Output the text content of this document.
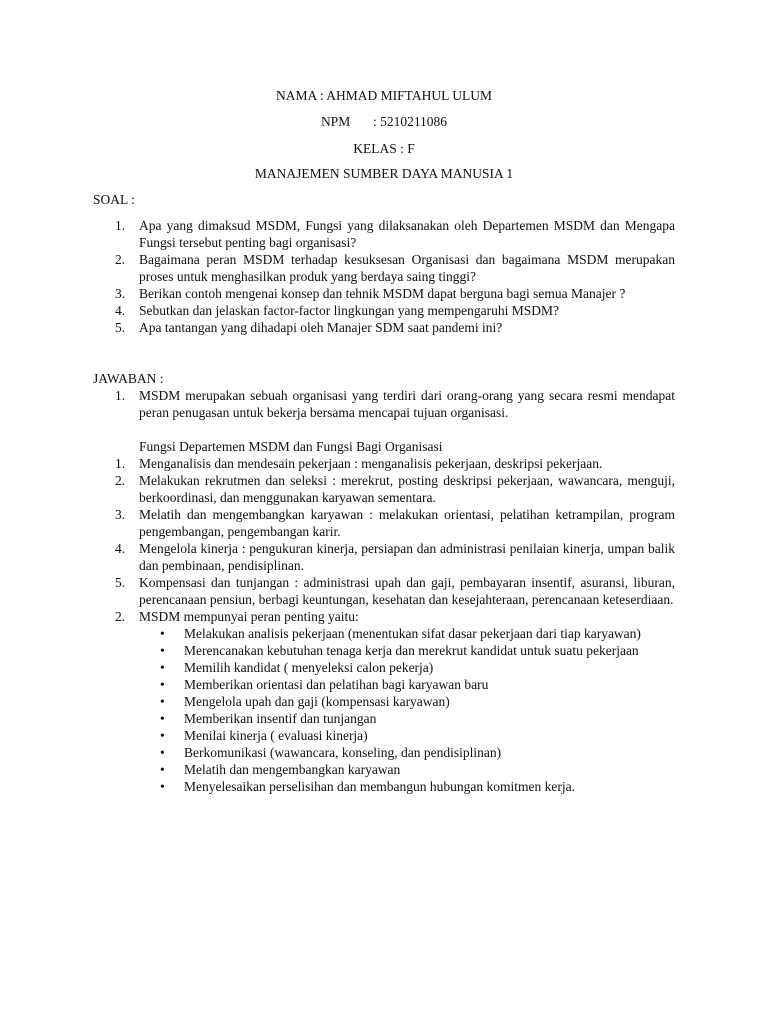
NAMA : AHMAD MIFTAHUL ULUM
NPM : 5210211086
KELAS : F
MANAJEMEN SUMBER DAYA MANUSIA 1
SOAL :
1. Apa yang dimaksud MSDM, Fungsi yang dilaksanakan oleh Departemen MSDM dan Mengapa Fungsi tersebut penting bagi organisasi?
2. Bagaimana peran MSDM terhadap kesuksesan Organisasi dan bagaimana MSDM merupakan proses untuk menghasilkan produk yang berdaya saing tinggi?
3. Berikan contoh mengenai konsep dan tehnik MSDM dapat berguna bagi semua Manajer ?
4. Sebutkan dan jelaskan factor-factor lingkungan yang mempengaruhi MSDM?
5. Apa tantangan yang dihadapi oleh Manajer SDM saat pandemi ini?
JAWABAN :
1. MSDM merupakan sebuah organisasi yang terdiri dari orang-orang yang secara resmi mendapat peran penugasan untuk bekerja bersama mencapai tujuan organisasi.
Fungsi Departemen MSDM dan Fungsi Bagi Organisasi
1. Menganalisis dan mendesain pekerjaan : menganalisis pekerjaan, deskripsi pekerjaan.
2. Melakukan rekrutmen dan seleksi : merekrut, posting deskripsi pekerjaan, wawancara, menguji, berkoordinasi, dan menggunakan karyawan sementara.
3. Melatih dan mengembangkan karyawan : melakukan orientasi, pelatihan ketrampilan, program pengembangan, pengembangan karir.
4. Mengelola kinerja : pengukuran kinerja, persiapan dan administrasi penilaian kinerja, umpan balik dan pembinaan, pendisiplinan.
5. Kompensasi dan tunjangan : administrasi upah dan gaji, pembayaran insentif, asuransi, liburan, perencanaan pensiun, berbagi keuntungan, kesehatan dan kesejahteraan, perencanaan keteserdiaan.
2. MSDM mempunyai peran penting yaitu:
• Melakukan analisis pekerjaan (menentukan sifat dasar pekerjaan dari tiap karyawan)
• Merencanakan kebutuhan tenaga kerja dan merekrut kandidat untuk suatu pekerjaan
• Memilih kandidat ( menyeleksi calon pekerja)
• Memberikan orientasi dan pelatihan bagi karyawan baru
• Mengelola upah dan gaji (kompensasi karyawan)
• Memberikan insentif dan tunjangan
• Menilai kinerja ( evaluasi kinerja)
• Berkomunikasi (wawancara, konseling, dan pendisiplinan)
• Melatih dan mengembangkan karyawan
• Menyelesaikan perselisihan dan membangun hubungan komitmen kerja.
